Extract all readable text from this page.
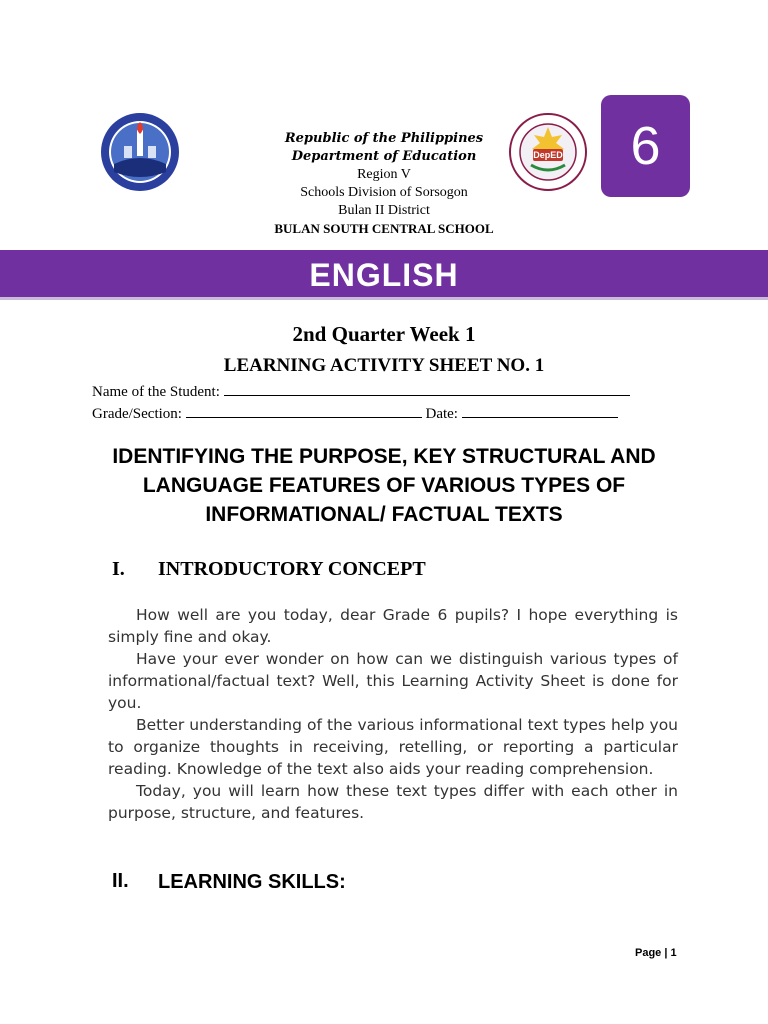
Republic of the Philippines
Department of Education
Region V
Schools Division of Sorsogon
Bulan II District
BULAN SOUTH CENTRAL SCHOOL
DepED	6
ENGLISH
2nd Quarter Week 1
LEARNING ACTIVITY SHEET NO. 1
Name of the Student:
Grade/Section:	Date:
IDENTIFYING THE PURPOSE, KEY STRUCTURAL AND
LANGUAGE FEATURES OF VARIOUS TYPES OF
INFORMATIONAL/ FACTUAL TEXTS
I. INTRODUCTORY CONCEPT

How well are you today, dear Grade 6 pupils? I hope everything is simply fine and okay.

Have your ever wonder on how can we distinguish various types of informational/factual text? Well, this Learning Activity Sheet is done for you.

Better understanding of the various informational text types help you to organize thoughts in receiving, retelling, or reporting a particular reading. Knowledge of the text also aids your reading comprehension.

Today, you will learn how these text types differ with each other in purpose, structure, and features.

II. LEARNING SKILLS:
Page | 1
